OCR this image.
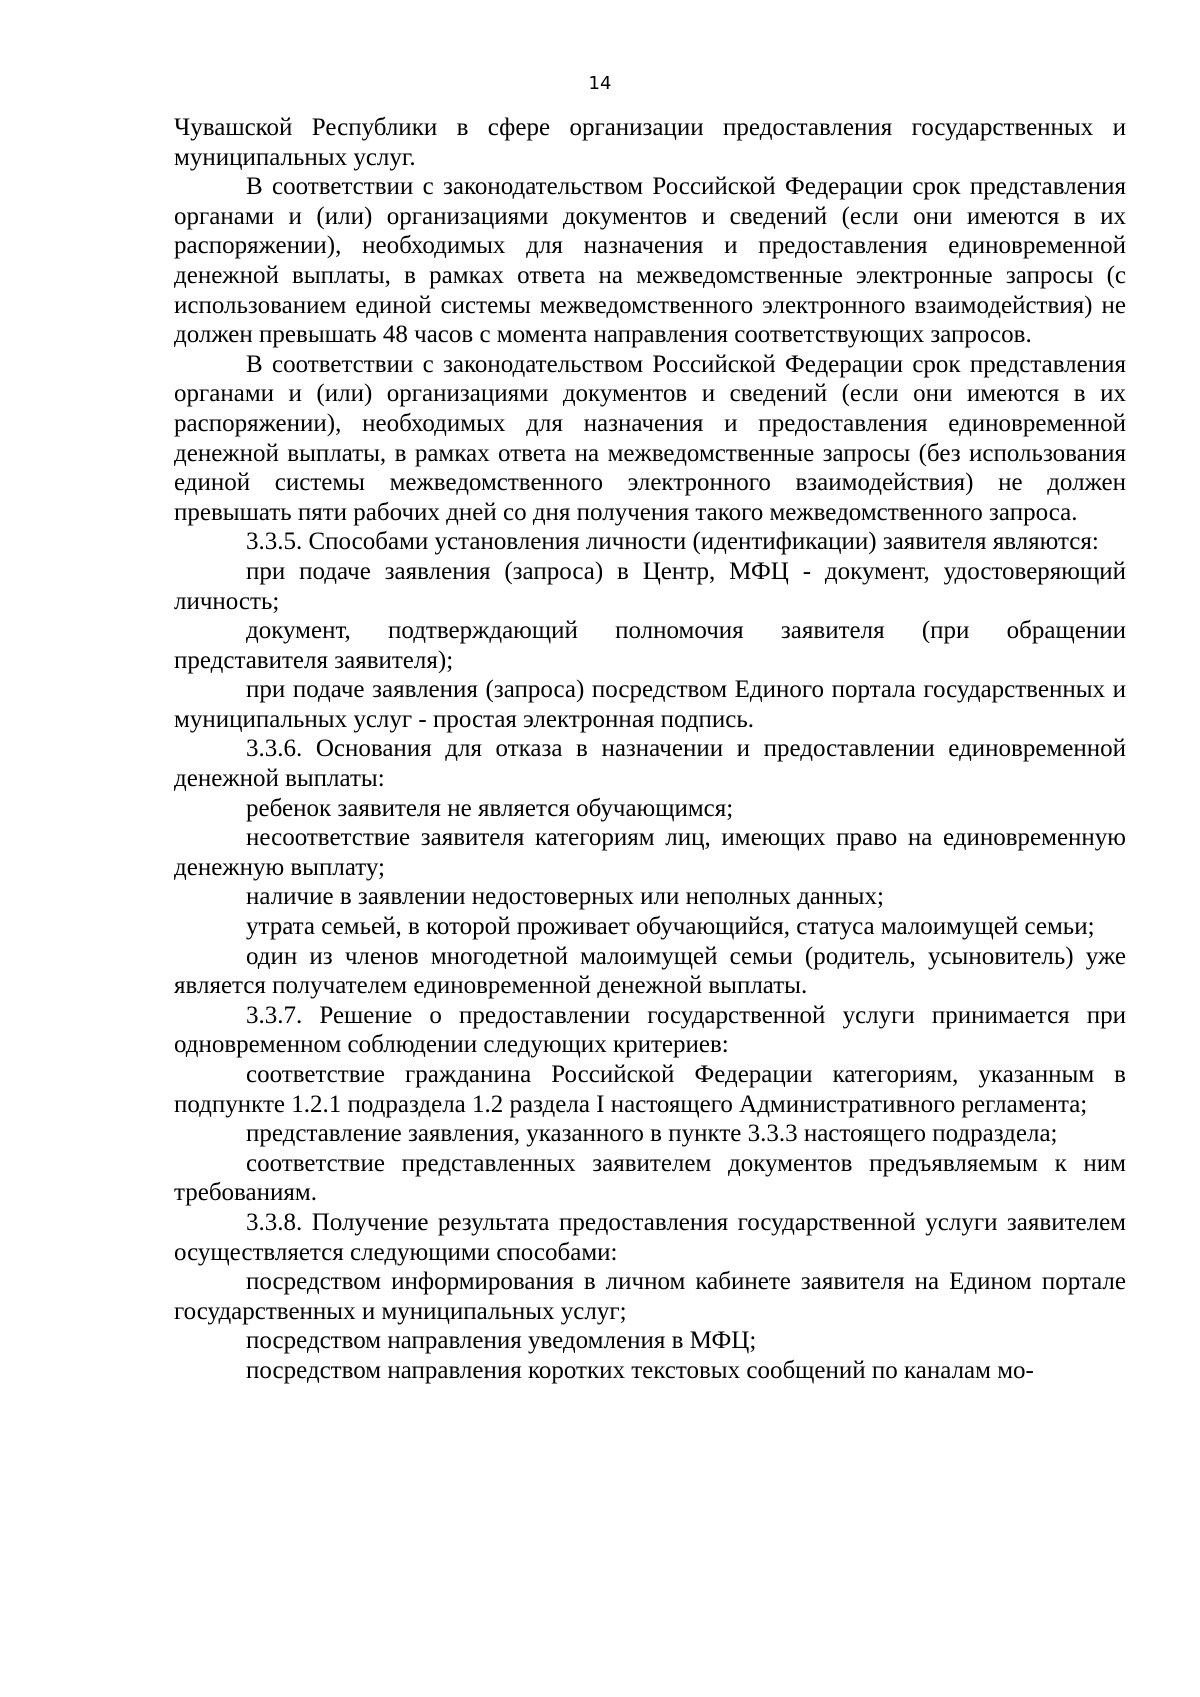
14

Чувашской Республики в сфере организации предоставления государственных и муниципальных услуг.

В соответствии с законодательством Российской Федерации срок представления органами и (или) организациями документов и сведений (если они имеются в их распоряжении), необходимых для назначения и предоставления единовременной денежной выплаты, в рамках ответа на межведомственные электронные запросы (с использованием единой системы межведомственного электронного взаимодействия) не должен превышать 48 часов с момента направления соответствующих запросов.

В соответствии с законодательством Российской Федерации срок представления органами и (или) организациями документов и сведений (если они имеются в их распоряжении), необходимых для назначения и предоставления единовременной денежной выплаты, в рамках ответа на межведомственные запросы (без использования единой системы межведомственного электронного взаимодействия) не должен превышать пяти рабочих дней со дня получения такого межведомственного запроса.

3.3.5. Способами установления личности (идентификации) заявителя являются:

при подаче заявления (запроса) в Центр, МФЦ - документ, удостоверяющий личность;

документ, подтверждающий полномочия заявителя (при обращении представителя заявителя);

при подаче заявления (запроса) посредством Единого портала государственных и муниципальных услуг - простая электронная подпись.

3.3.6. Основания для отказа в назначении и предоставлении единовременной денежной выплаты:

ребенок заявителя не является обучающимся;

несоответствие заявителя категориям лиц, имеющих право на единовременную денежную выплату;

наличие в заявлении недостоверных или неполных данных;

утрата семьей, в которой проживает обучающийся, статуса малоимущей семьи;

один из членов многодетной малоимущей семьи (родитель, усыновитель) уже является получателем единовременной денежной выплаты.

3.3.7. Решение о предоставлении государственной услуги принимается при одновременном соблюдении следующих критериев:

соответствие гражданина Российской Федерации категориям, указанным в подпункте 1.2.1 подраздела 1.2 раздела I настоящего Административного регламента;

представление заявления, указанного в пункте 3.3.3 настоящего подраздела;

соответствие представленных заявителем документов предъявляемым к ним требованиям.

3.3.8. Получение результата предоставления государственной услуги заявителем осуществляется следующими способами:

посредством информирования в личном кабинете заявителя на Едином портале государственных и муниципальных услуг;

посредством направления уведомления в МФЦ;

посредством направления коротких текстовых сообщений по каналам мо-
